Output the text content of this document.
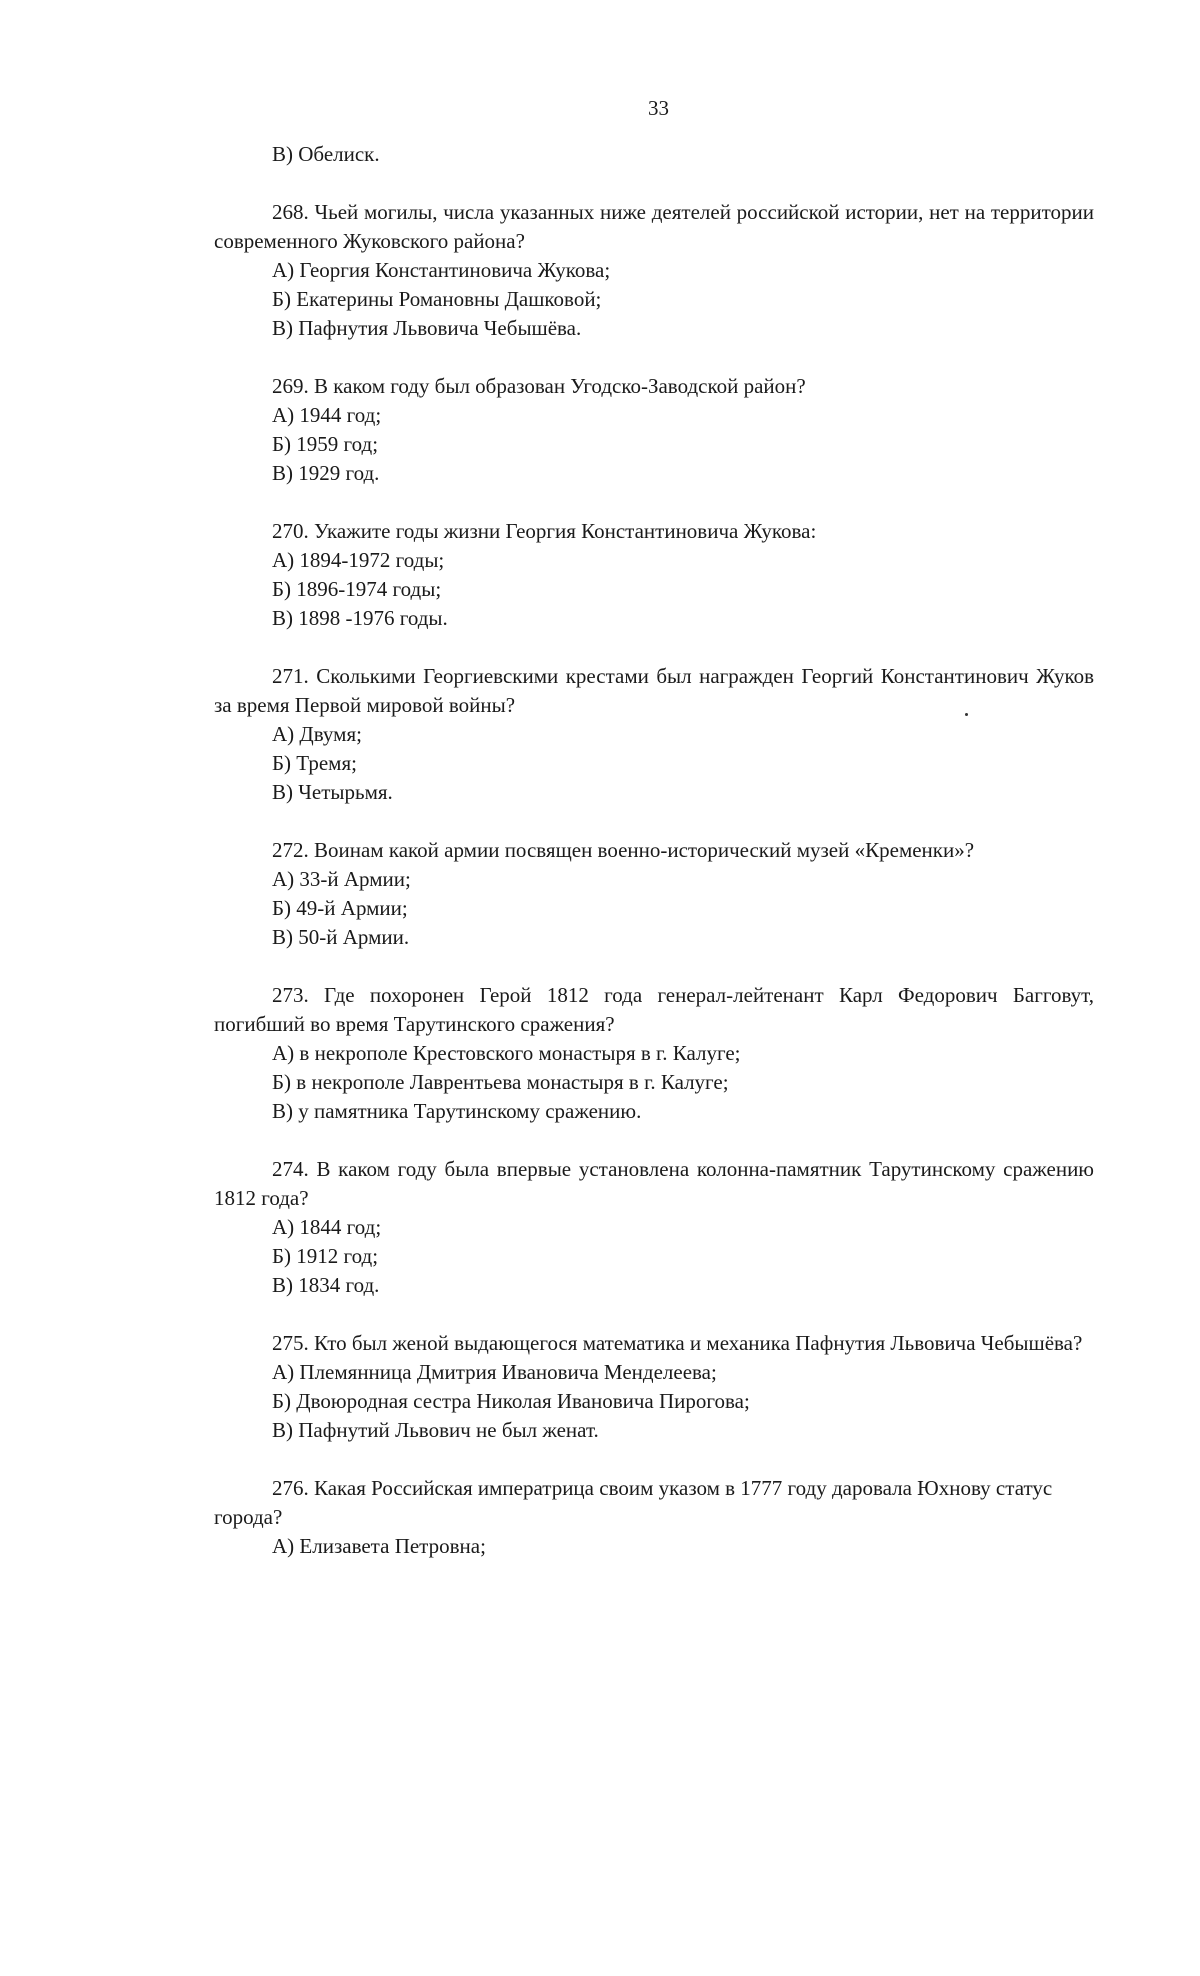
33
В) Обелиск.
268. Чьей могилы, числа указанных ниже деятелей российской истории, нет на территории современного Жуковского района?
А) Георгия Константиновича Жукова;
Б) Екатерины Романовны Дашковой;
В) Пафнутия Львовича Чебышёва.
269. В каком году был образован Угодско-Заводской район?
А) 1944 год;
Б) 1959 год;
В) 1929 год.
270. Укажите годы жизни Георгия Константиновича Жукова:
А) 1894-1972 годы;
Б) 1896-1974 годы;
В) 1898 -1976 годы.
271. Сколькими Георгиевскими крестами был награжден Георгий Константинович Жуков за время Первой мировой войны?
А) Двумя;
Б) Тремя;
В) Четырьмя.
272. Воинам какой армии посвящен военно-исторический музей «Кременки»?
А) 33-й Армии;
Б) 49-й Армии;
В) 50-й Армии.
273. Где похоронен Герой 1812 года генерал-лейтенант Карл Федорович Багговут, погибший во время Тарутинского сражения?
А) в некрополе Крестовского монастыря в г. Калуге;
Б) в некрополе Лаврентьева монастыря в г. Калуге;
В) у памятника Тарутинскому сражению.
274. В каком году была впервые установлена колонна-памятник Тарутинскому сражению 1812 года?
А) 1844 год;
Б) 1912 год;
В) 1834 год.
275. Кто был женой выдающегося математика и механика Пафнутия Львовича Чебышёва?
А) Племянница Дмитрия Ивановича Менделеева;
Б) Двоюродная сестра Николая Ивановича Пирогова;
В) Пафнутий Львович не был женат.
276. Какая Российская императрица своим указом в 1777 году даровала Юхнову статус города?
А) Елизавета Петровна;
